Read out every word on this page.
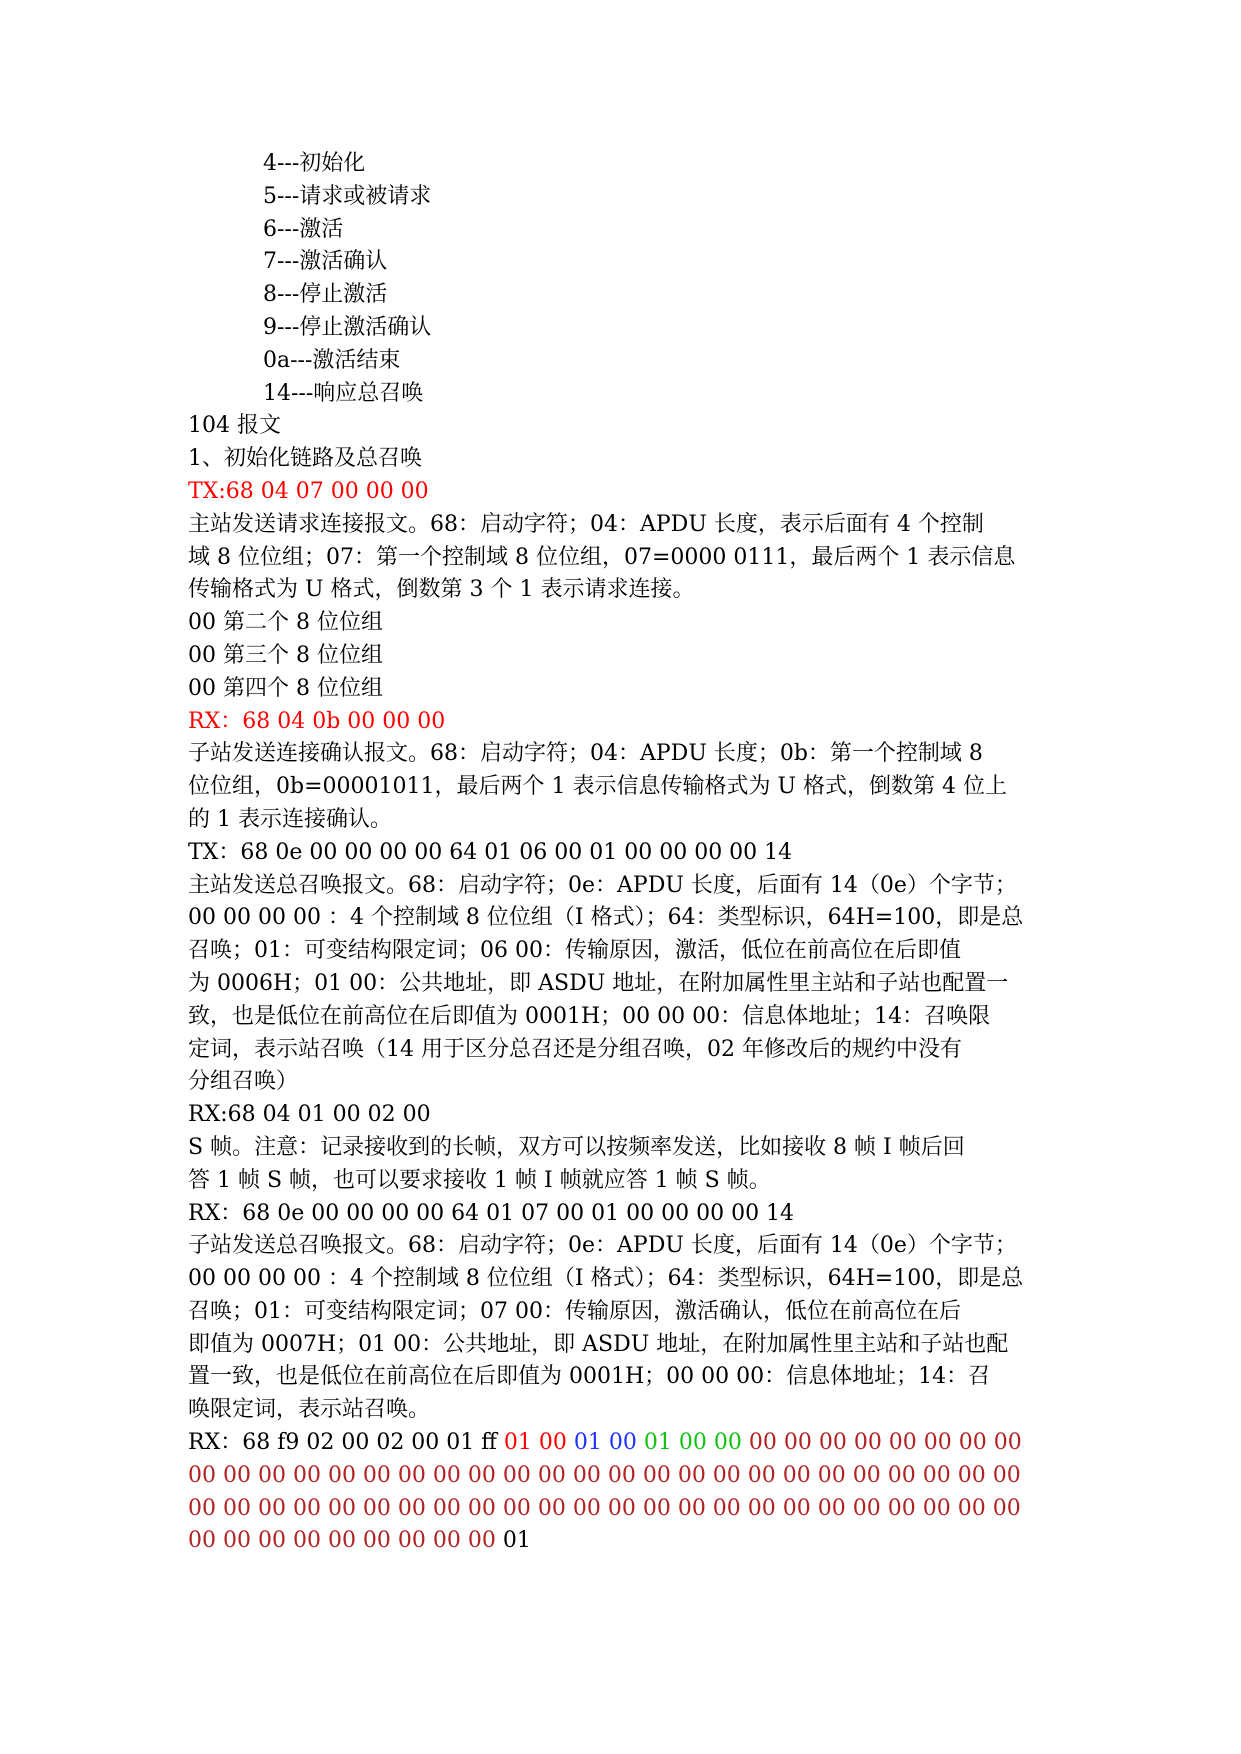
4---初始化
5---请求或被请求
6---激活
7---激活确认
8---停止激活
9---停止激活确认
0a---激活结束
14---响应总召唤
104 报文
1、初始化链路及总召唤
TX:68 04 07 00 00 00
主站发送请求连接报文。68：启动字符；04：APDU 长度，表示后面有 4 个控制
域 8 位位组；07：第一个控制域 8 位位组，07=0000 0111，最后两个 1 表示信息
传输格式为 U 格式，倒数第 3 个 1 表示请求连接。
00 第二个 8 位位组
00 第三个 8 位位组
00 第四个 8 位位组
RX：68 04 0b 00 00 00
子站发送连接确认报文。68：启动字符；04：APDU 长度；0b：第一个控制域 8
位位组，0b=00001011，最后两个 1 表示信息传输格式为 U 格式，倒数第 4 位上
的 1 表示连接确认。
TX：68 0e 00 00 00 00 64 01 06 00 01 00 00 00 00 14
主站发送总召唤报文。68：启动字符；0e：APDU 长度，后面有 14（0e）个字节；
00 00 00 00 ：4 个控制域 8 位位组（I 格式）；64：类型标识，64H=100，即是总
召唤；01：可变结构限定词；06 00：传输原因，激活，低位在前高位在后即值
为 0006H；01 00：公共地址，即 ASDU 地址，在附加属性里主站和子站也配置一
致，也是低位在前高位在后即值为 0001H；00 00 00：信息体地址；14：召唤限
定词，表示站召唤（14 用于区分总召还是分组召唤，02 年修改后的规约中没有
分组召唤）
RX:68 04 01 00 02 00
S 帧。注意：记录接收到的长帧，双方可以按频率发送，比如接收 8 帧 I 帧后回
答 1 帧 S 帧，也可以要求接收 1 帧 I 帧就应答 1 帧 S 帧。
RX：68 0e 00 00 00 00 64 01 07 00 01 00 00 00 00 14
子站发送总召唤报文。68：启动字符；0e：APDU 长度，后面有 14（0e）个字节；
00 00 00 00 ：4 个控制域 8 位位组（I 格式）；64：类型标识，64H=100，即是总
召唤；01：可变结构限定词；07 00：传输原因，激活确认，低位在前高位在后
即值为 0007H；01 00：公共地址，即 ASDU 地址，在附加属性里主站和子站也配
置一致，也是低位在前高位在后即值为 0001H；00 00 00：信息体地址；14：召
唤限定词，表示站召唤。
RX：68 f9 02 00 02 00 01 ff 01 00 01 00 01 00 00 00 00 00 00 00 00 00 00
00 00 00 00 00 00 00 00 00 00 00 00 00 00 00 00 00 00 00 00 00 00 00 00
00 00 00 00 00 00 00 00 00 00 00 00 00 00 00 00 00 00 00 00 00 00 00 00
00 00 00 00 00 00 00 00 00 01
